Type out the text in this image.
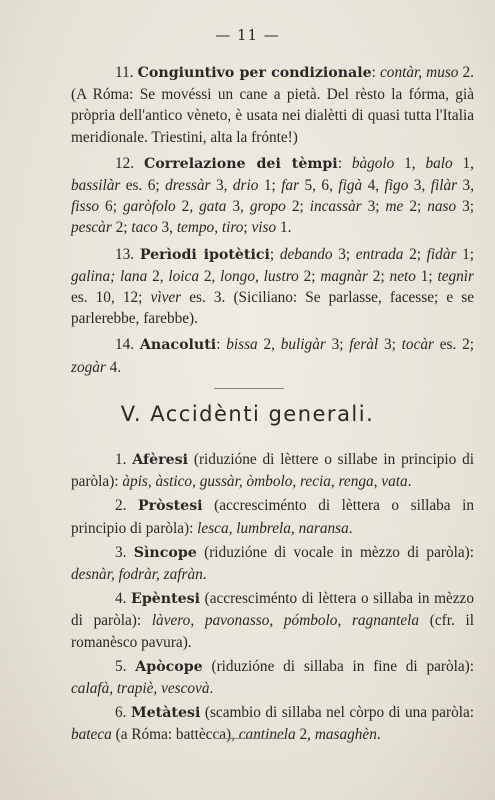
— 11 —

11. Congiuntivo per condizionale: contàr, muso 2. (A Róma: Se movéssi un cane a pietà. Del rèsto la fórma, già pròpria dell'antico vèneto, è usata nei dialètti di quasi tutta l'Italia meridionale. Triestini, alta la frónte!)

12. Correlazione dei tèmpi: bàgolo 1, balo 1, bassilàr es. 6; dressàr 3, drio 1; far 5, 6, figà 4, figo 3, filàr 3, fisso 6; garòfolo 2, gata 3, gropo 2; incassàr 3; me 2; naso 3; pescàr 2; taco 3, tempo, tiro; viso 1.

13. Perìodi ipotètici; debando 3; entrada 2; fidàr 1; galina; lana 2, loica 2, longo, lustro 2; magnàr 2; neto 1; tegnìr es. 10, 12; vìver es. 3. (Siciliano: Se parlasse, facesse; e se parlerebbe, farebbe).

14. Anacoluti: bissa 2, buligàr 3; feràl 3; tocàr es. 2; zogàr 4.

V. Accidènti generali.

1. Afèresi (riduzióne di lèttere o sillabe in principio di paròla): àpis, àstico, gussàr, òmbolo, recia, renga, vata.

2. Pròstesi (accresciménto di lèttera o sillaba in principio di paròla): lesca, lumbrela, naransa.

3. Sìncope (riduzióne di vocale in mèzzo di paròla): desnàr, fodràr, zafràn.

4. Epèntesi (accresciménto di lèttera o sillaba in mèzzo di paròla): làvero, pavonasso, pómbolo, ragnantela (cfr. il romanèsco pavura).

5. Apòcope (riduzióne di sillaba in fine di paròla): calafà, trapiè, vescovà.

6. Metàtesi (scambio di sillaba nel còrpo di una paròla: bateca (a Róma: battècca), cantinela 2, masaghèn.
